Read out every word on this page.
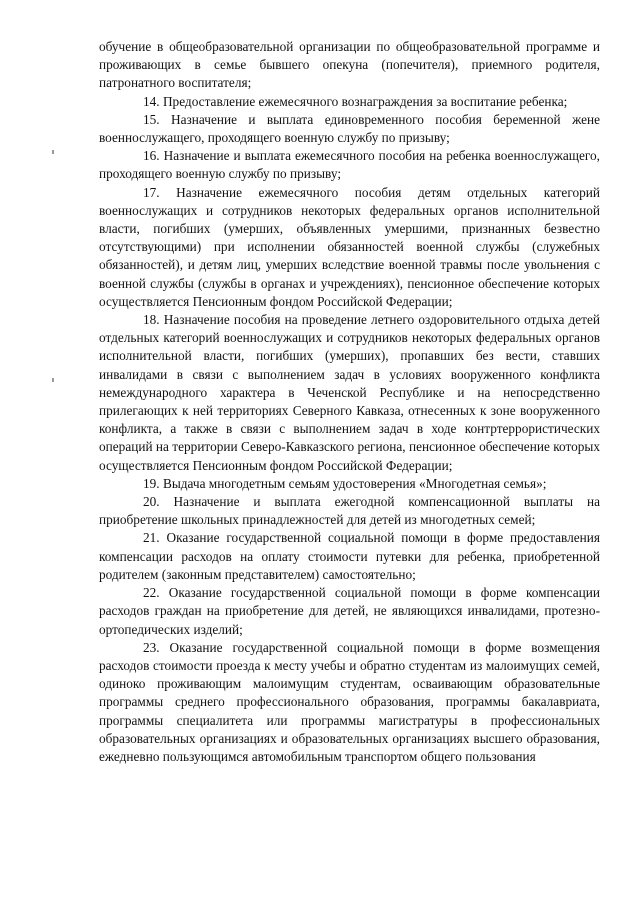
обучение в общеобразовательной организации по общеобразовательной программе и проживающих в семье бывшего опекуна (попечителя), приемного родителя, патронатного воспитателя;

14. Предоставление ежемесячного вознаграждения за воспитание ребенка;

15. Назначение и выплата единовременного пособия беременной жене военнослужащего, проходящего военную службу по призыву;

16. Назначение и выплата ежемесячного пособия на ребенка военнослужащего, проходящего военную службу по призыву;

17. Назначение ежемесячного пособия детям отдельных категорий военнослужащих и сотрудников некоторых федеральных органов исполнительной власти, погибших (умерших, объявленных умершими, признанных безвестно отсутствующими) при исполнении обязанностей военной службы (служебных обязанностей), и детям лиц, умерших вследствие военной травмы после увольнения с военной службы (службы в органах и учреждениях), пенсионное обеспечение которых осуществляется Пенсионным фондом Российской Федерации;

18. Назначение пособия на проведение летнего оздоровительного отдыха детей отдельных категорий военнослужащих и сотрудников некоторых федеральных органов исполнительной власти, погибших (умерших), пропавших без вести, ставших инвалидами в связи с выполнением задач в условиях вооруженного конфликта немеждународного характера в Чеченской Республике и на непосредственно прилегающих к ней территориях Северного Кавказа, отнесенных к зоне вооруженного конфликта, а также в связи с выполнением задач в ходе контртеррористических операций на территории Северо-Кавказского региона, пенсионное обеспечение которых осуществляется Пенсионным фондом Российской Федерации;

19. Выдача многодетным семьям удостоверения «Многодетная семья»;

20. Назначение и выплата ежегодной компенсационной выплаты на приобретение школьных принадлежностей для детей из многодетных семей;

21. Оказание государственной социальной помощи в форме предоставления компенсации расходов на оплату стоимости путевки для ребенка, приобретенной родителем (законным представителем) самостоятельно;

22. Оказание государственной социальной помощи в форме компенсации расходов граждан на приобретение для детей, не являющихся инвалидами, протезно-ортопедических изделий;

23. Оказание государственной социальной помощи в форме возмещения расходов стоимости проезда к месту учебы и обратно студентам из малоимущих семей, одиноко проживающим малоимущим студентам, осваивающим образовательные программы среднего профессионального образования, программы бакалавриата, программы специалитета или программы магистратуры в профессиональных образовательных организациях и образовательных организациях высшего образования, ежедневно пользующимся автомобильным транспортом общего пользования
